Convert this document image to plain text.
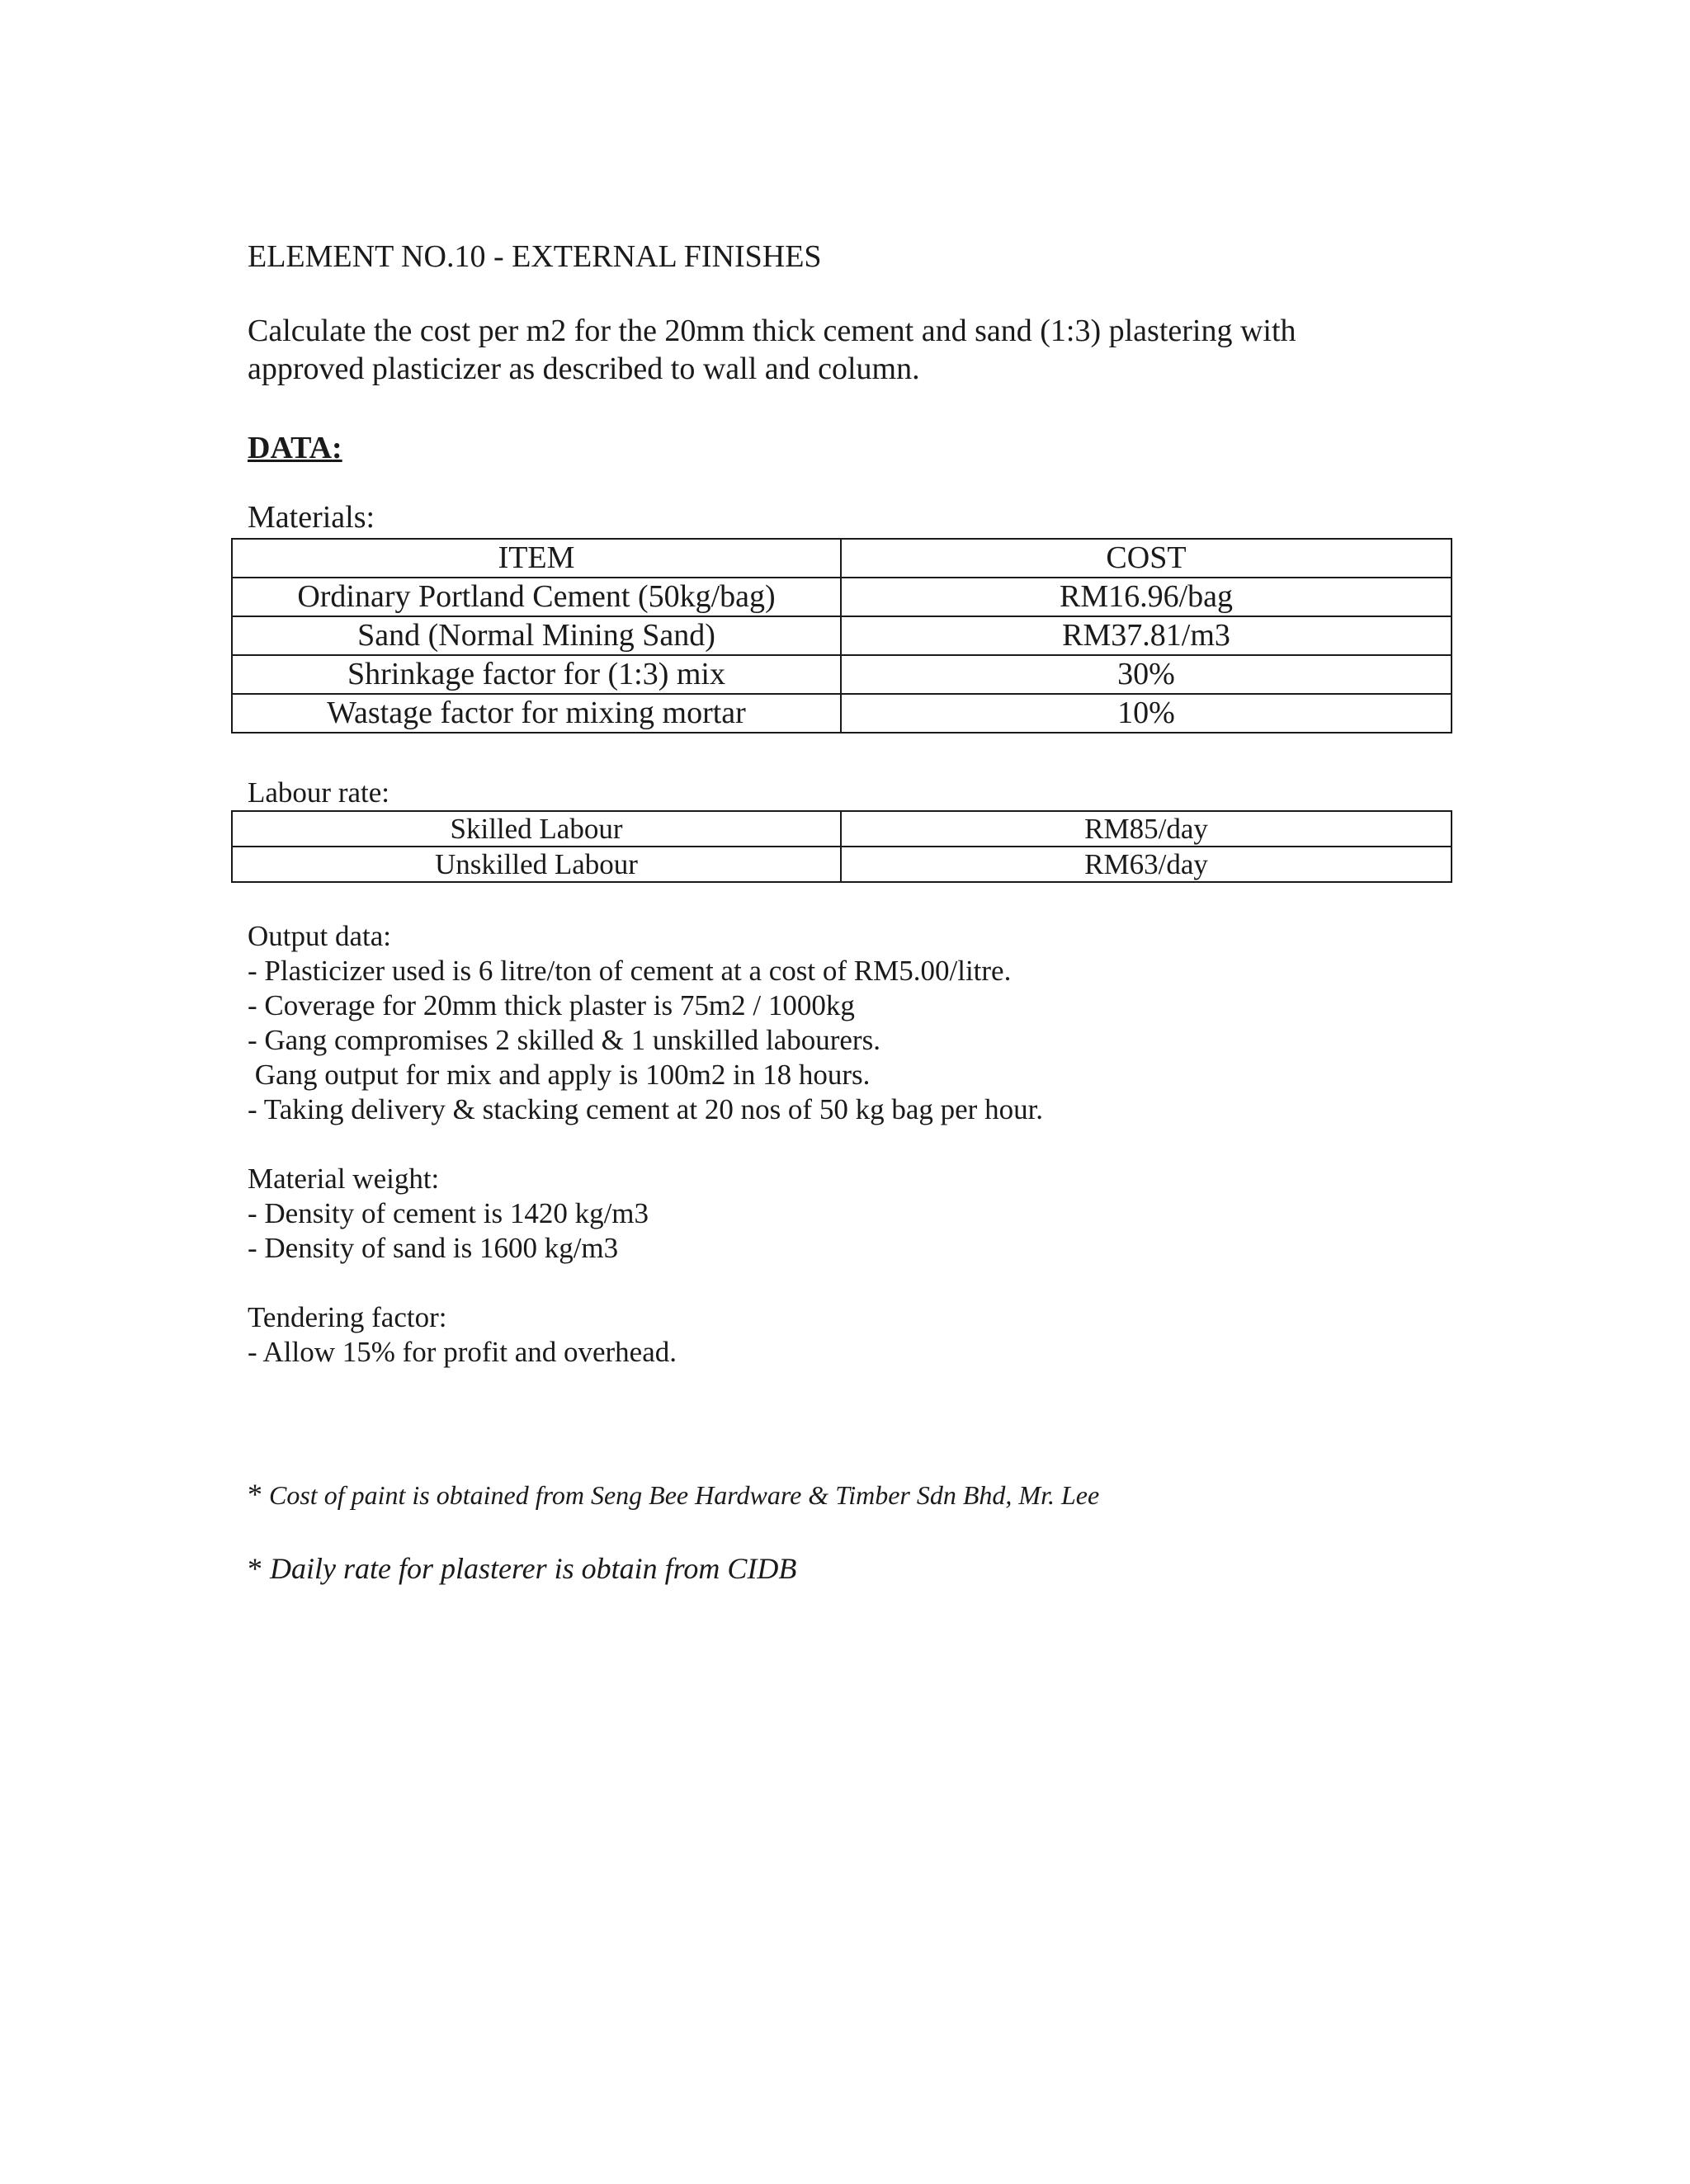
ELEMENT NO.10 - EXTERNAL FINISHES
Calculate the cost per m2 for the 20mm thick cement and sand (1:3) plastering with
approved plasticizer as described to wall and column.
DATA:
Materials:
ITEM	COST
Ordinary Portland Cement (50kg/bag)	RM16.96/bag
Sand (Normal Mining Sand)	RM37.81/m3
Shrinkage factor for (1:3) mix	30%
Wastage factor for mixing mortar	10%
Labour rate:
Skilled Labour	RM85/day
Unskilled Labour	RM63/day
Output data:
- Plasticizer used is 6 litre/ton of cement at a cost of RM5.00/litre.
- Coverage for 20mm thick plaster is 75m2 / 1000kg
- Gang compromises 2 skilled & 1 unskilled labourers.
Gang output for mix and apply is 100m2 in 18 hours.
- Taking delivery & stacking cement at 20 nos of 50 kg bag per hour.
Material weight:
- Density of cement is 1420 kg/m3
- Density of sand is 1600 kg/m3
Tendering factor:
- Allow 15% for profit and overhead.
* Cost of paint is obtained from Seng Bee Hardware & Timber Sdn Bhd, Mr. Lee
* Daily rate for plasterer is obtain from CIDB
